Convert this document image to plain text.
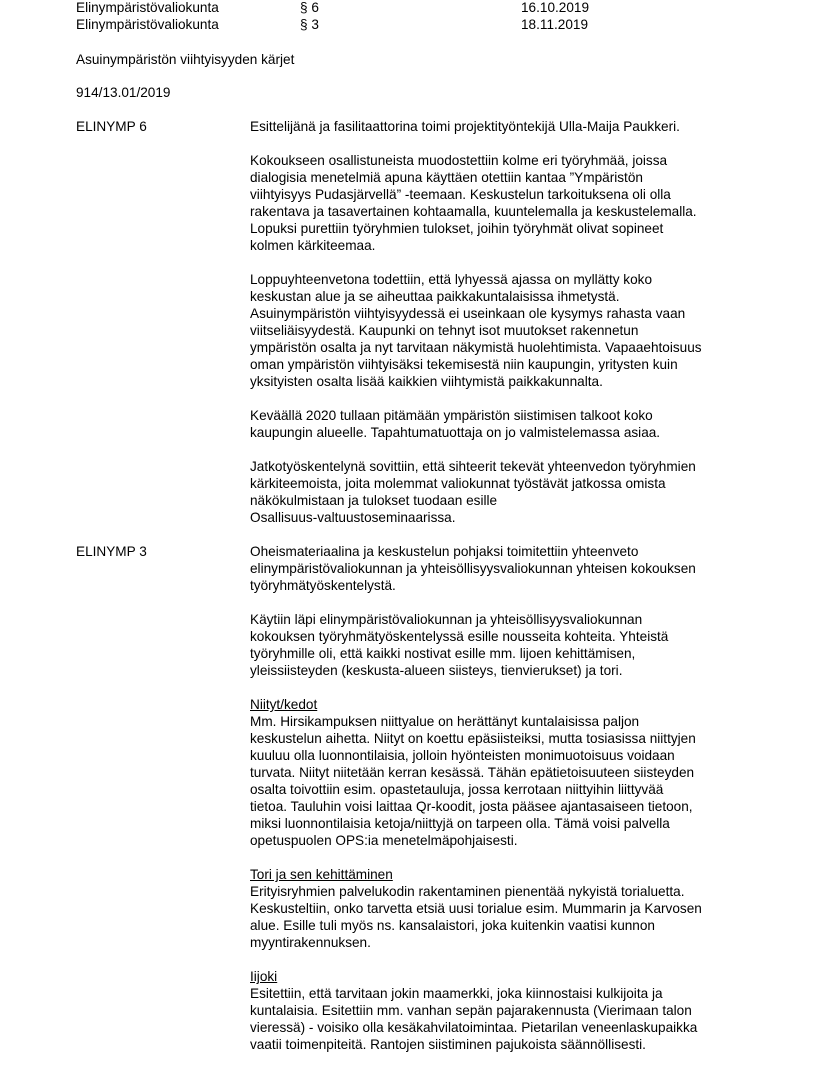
Elinympäristövaliokunta	§ 6	16.10.2019
Elinympäristövaliokunta	§ 3	18.11.2019
Asuinympäristön viihtyisyyden kärjet
914/13.01/2019
ELINYMP 6	Esittelijänä ja fasilitaattorina toimi projektityöntekijä Ulla-Maija Paukkeri.

Kokoukseen osallistuneista muodostettiin kolme eri työryhmää, joissa
dialogisia menetelmiä apuna käyttäen otettiin kantaa ”Ympäristön
viihtyisyys Pudasjärvellä” -teemaan. Keskustelun tarkoituksena oli olla
rakentava ja tasavertainen kohtaamalla, kuuntelemalla ja keskustelemalla.
Lopuksi purettiin työryhmien tulokset, joihin työryhmät olivat sopineet
kolmen kärkiteemaa.

Loppuyhteenvetona todettiin, että lyhyessä ajassa on myllätty koko
keskustan alue ja se aiheuttaa paikkakuntalaisissa ihmetystä.
Asuinympäristön viihtyisyydessä ei useinkaan ole kysymys rahasta vaan
viitseliäisyydestä. Kaupunki on tehnyt isot muutokset rakennetun
ympäristön osalta ja nyt tarvitaan näkymistä huolehtimista. Vapaaehtoisuus
oman ympäristön viihtyisäksi tekemisestä niin kaupungin, yritysten kuin
yksityisten osalta lisää kaikkien viihtymistä paikkakunnalta.

Keväällä 2020 tullaan pitämään ympäristön siistimisen talkoot koko
kaupungin alueelle. Tapahtumatuottaja on jo valmistelemassa asiaa.

Jatkotyöskentelynä sovittiin, että sihteerit tekevät yhteenvedon työryhmien
kärkiteemoista, joita molemmat valiokunnat työstävät jatkossa omista
näkökulmistaan ja tulokset tuodaan esille
Osallisuus-valtuustoseminaarissa.

ELINYMP 3	Oheismateriaalina ja keskustelun pohjaksi toimitettiin yhteenveto
elinympäristövaliokunnan ja yhteisöllisyysvaliokunnan yhteisen kokouksen
työryhmätyöskentelystä.

Käytiin läpi elinympäristövaliokunnan ja yhteisöllisyysvaliokunnan
kokouksen työryhmätyöskentelyssä esille nousseita kohteita. Yhteistä
työryhmille oli, että kaikki nostivat esille mm. lijoen kehittämisen,
yleissiisteyden (keskusta-alueen siisteys, tienvierukset) ja tori.

Niityt/kedot
Mm. Hirsikampuksen niittyalue on herättänyt kuntalaisissa paljon
keskustelun aihetta. Niityt on koettu epäsiisteiksi, mutta tosiasissa niittyjen
kuuluu olla luonnontilaisia, jolloin hyönteisten monimuotoisuus voidaan
turvata. Niityt niitetään kerran kesässä. Tähän epätietoisuuteen siisteyden
osalta toivottiin esim. opastetauluja, jossa kerrotaan niittyihin liittyvää
tietoa. Tauluhin voisi laittaa Qr-koodit, josta pääsee ajantasaiseen tietoon,
miksi luonnontilaisia ketoja/niittyjä on tarpeen olla. Tämä voisi palvella
opetuspuolen OPS:ia menetelmäpohjaisesti.

Tori ja sen kehittäminen
Erityisryhmien palvelukodin rakentaminen pienentää nykyistä torialuetta.
Keskusteltiin, onko tarvetta etsiä uusi torialue esim. Mummarin ja Karvosen
alue. Esille tuli myös ns. kansalaistori, joka kuitenkin vaatisi kunnon
myyntirakennuksen.

Iijoki
Esitettiin, että tarvitaan jokin maamerkki, joka kiinnostaisi kulkijoita ja
kuntalaisia. Esitettiin mm. vanhan sepän pajarakennusta (Vierimaan talon
vieressä) - voisiko olla kesäkahvilatoimintaa. Pietarilan veneenlaskupaikka
vaatii toimenpiteitä. Rantojen siistiminen pajukoista säännöllisesti.
